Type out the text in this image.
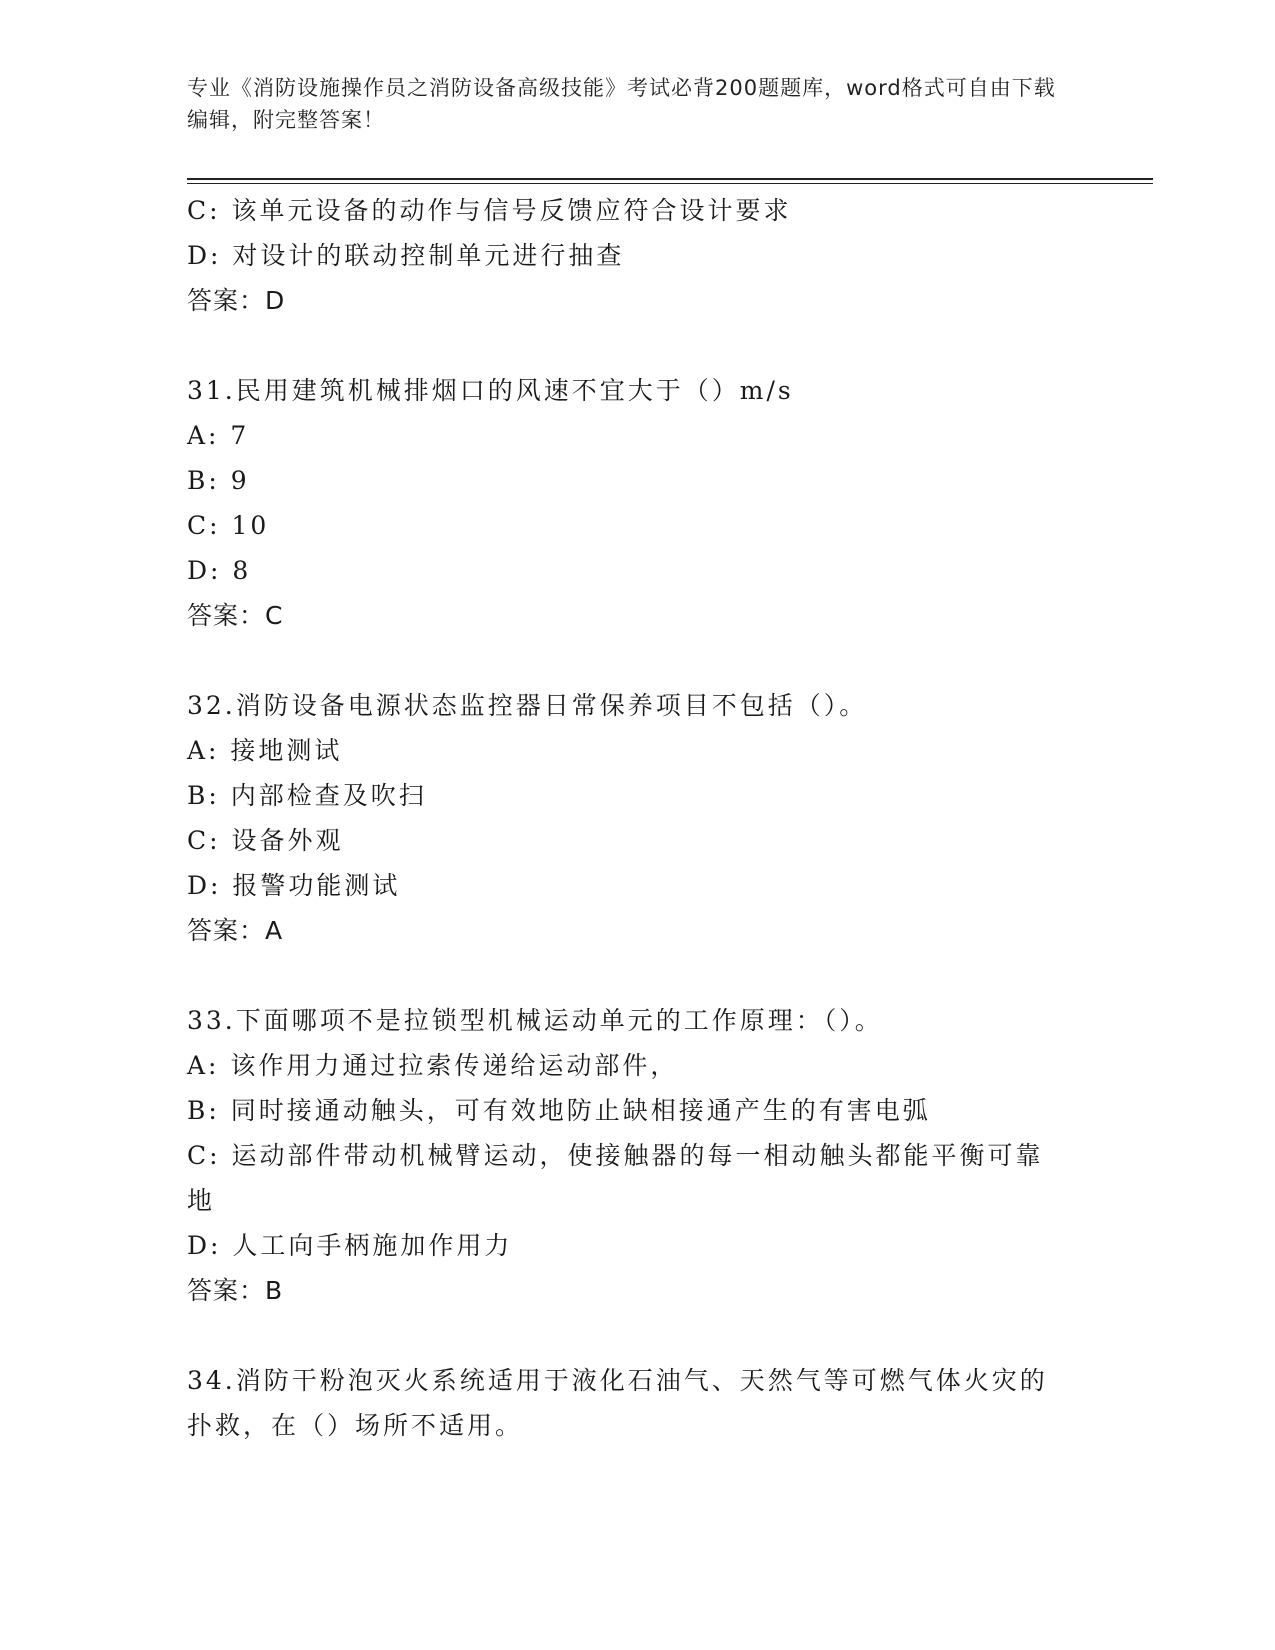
专业《消防设施操作员之消防设备高级技能》考试必背200题题库，word格式可自由下载编辑，附完整答案！
C: 该单元设备的动作与信号反馈应符合设计要求
D: 对设计的联动控制单元进行抽查
答案：D
31.民用建筑机械排烟口的风速不宜大于（）m/s
A: 7
B: 9
C: 10
D: 8
答案：C
32.消防设备电源状态监控器日常保养项目不包括（）。
A: 接地测试
B: 内部检查及吹扫
C: 设备外观
D: 报警功能测试
答案：A
33.下面哪项不是拉锁型机械运动单元的工作原理：（）。
A: 该作用力通过拉索传递给运动部件，
B: 同时接通动触头，可有效地防止缺相接通产生的有害电弧
C: 运动部件带动机械臂运动，使接触器的每一相动触头都能平衡可靠地
D: 人工向手柄施加作用力
答案：B
34.消防干粉泡灭火系统适用于液化石油气、天然气等可燃气体火灾的扑救，在（）场所不适用。
